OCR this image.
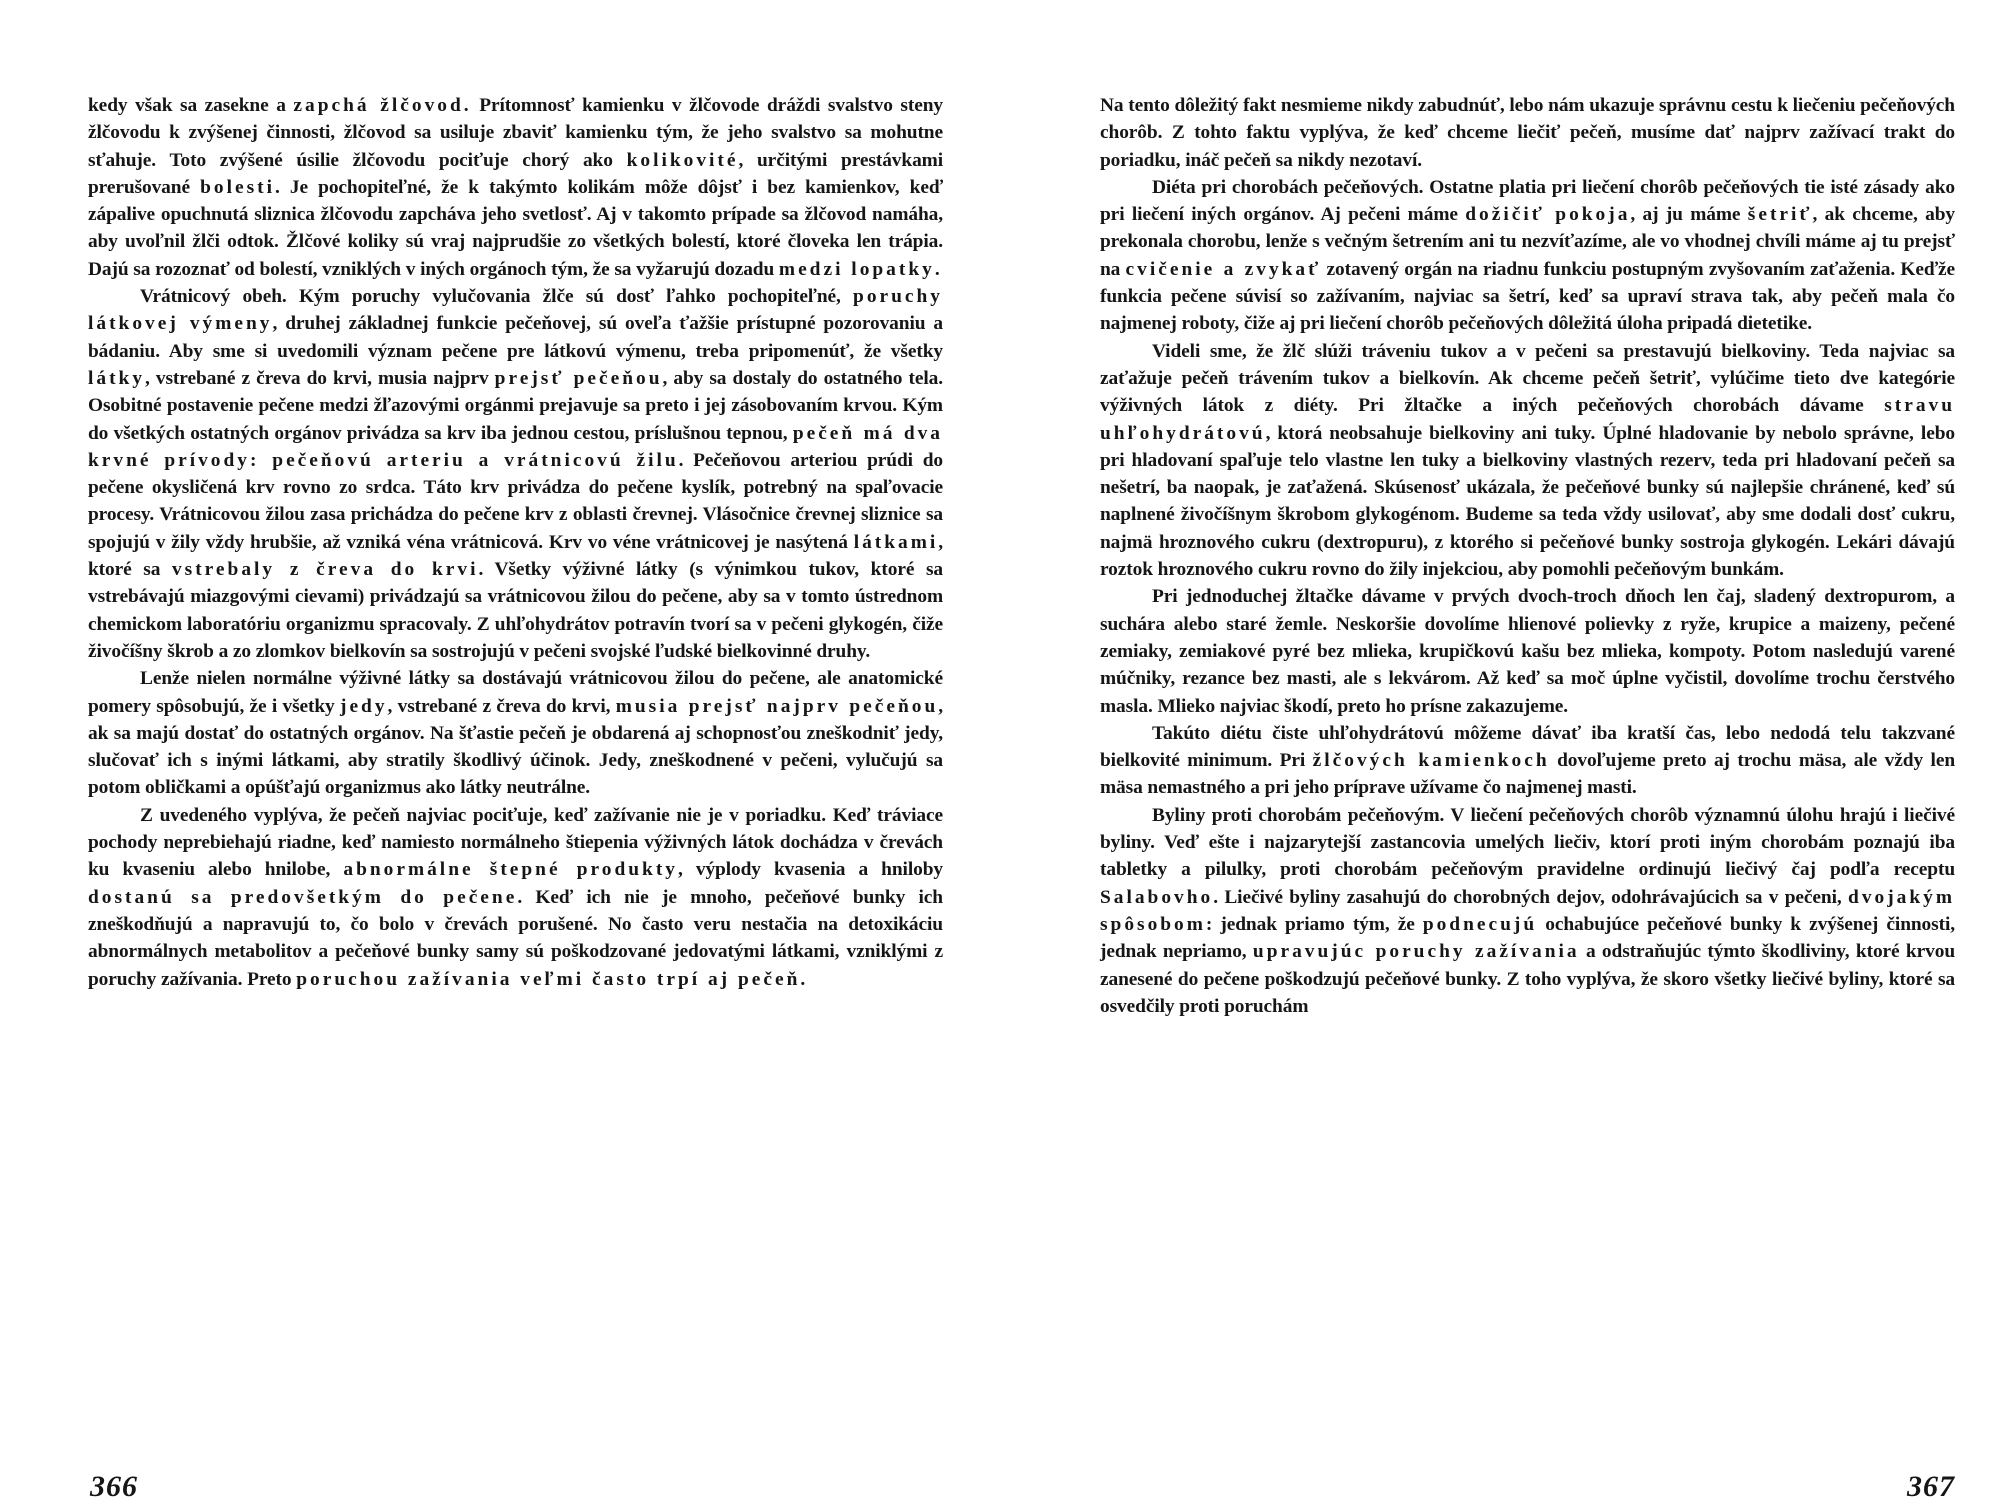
kedy však sa zasekne a zapchá žlčovod. Prítomnosť kamienku v žlčovode dráždi svalstvo steny žlčovodu k zvýšenej činnosti, žlčovod sa usiluje zbaviť kamienku tým, že jeho svalstvo sa mohutne sťahuje. Toto zvýšené úsilie žlčovodu pociťuje chorý ako kolikovité, určitými prestávkami prerušované bolesti. Je pochopiteľné, že k takýmto kolikám môže dôjsť i bez kamienkov, keď zápalive opuchnutá sliznica žlčovodu zapcháva jeho svetlosť. Aj v takomto prípade sa žlčovod namáha, aby uvoľnil žlči odtok. Žlčové koliky sú vraj najprudšie zo všetkých bolestí, ktoré človeka len trápia. Dajú sa rozoznať od bolestí, vzniklých v iných orgánoch tým, že sa vyžarujú dozadu medzi lopatky.

Vrátnicový obeh. Kým poruchy vylučovania žlče sú dosť ľahko pochopiteľné, poruchy látkovej výmeny, druhej základnej funkcie pečeňovej, sú oveľa ťažšie prístupné pozorovaniu a bádaniu. Aby sme si uvedomili význam pečene pre látkovú výmenu, treba pripomenúť, že všetky látky, vstrebané z čreva do krvi, musia najprv prejsť pečeňou, aby sa dostaly do ostatného tela. Osobitné postavenie pečene medzi žľazovými orgánmi prejavuje sa preto i jej zásobovaním krvou. Kým do všetkých ostatných orgánov privádza sa krv iba jednou cestou, príslušnou tepnou, pečeň má dva krvné prívody: pečeňovú arteriu a vrátnicovú žilu. Pečeňovou arteriou prúdi do pečene okysličená krv rovno zo srdca. Táto krv privádza do pečene kyslík, potrebný na spaľovacie procesy. Vrátnicovou žilou zasa prichádza do pečene krv z oblasti črevnej. Vlásočnice črevnej sliznice sa spojujú v žily vždy hrubšie, až vzniká véna vrátnicová. Krv vo véne vrátnicovej je nasýtená látkami, ktoré sa vstrebaly z čreva do krvi. Všetky výživné látky (s výnimkou tukov, ktoré sa vstrebávajú miazgovými cievami) privádzajú sa vrátnicovou žilou do pečene, aby sa v tomto ústrednom chemickom laboratóriu organizmu spracovaly. Z uhľohydrátov potravín tvorí sa v pečeni glykogén, čiže živočíšny škrob a zo zlomkov bielkovín sa sostrojujú v pečeni svojské ľudské bielkovinné druhy.

Lenže nielen normálne výživné látky sa dostávajú vrátnicovou žilou do pečene, ale anatomické pomery spôsobujú, že i všetky jedy, vstrebané z čreva do krvi, musia prejsť najprv pečeňou, ak sa majú dostať do ostatných orgánov. Na šťastie pečeň je obdarená aj schopnosťou zneškodniť jedy, slučovať ich s inými látkami, aby stratily škodlivý účinok. Jedy, zneškodnené v pečeni, vylučujú sa potom obličkami a opúšťajú organizmus ako látky neutrálne.

Z uvedeného vyplýva, že pečeň najviac pociťuje, keď zažívanie nie je v poriadku. Keď tráviace pochody neprebiehajú riadne, keď namiesto normálneho štiepenia výživných látok dochádza v črevách ku kvaseniu alebo hnilobe, abnormálne štepné produkty, výplody kvasenia a hniloby dostanú sa predovšetkým do pečene. Keď ich nie je mnoho, pečeňové bunky ich zneškodňujú a napravujú to, čo bolo v črevách porušené. No často veru nestačia na detoxikáciu abnormálnych metabolitov a pečeňové bunky samy sú poškodzované jedovatými látkami, vzniklými z poruchy zažívania. Preto poruchou zažívania veľmi často trpí aj pečeň.

366

Na tento dôležitý fakt nesmieme nikdy zabudnúť, lebo nám ukazuje správnu cestu k liečeniu pečeňových chorôb. Z tohto faktu vyplýva, že keď chceme liečiť pečeň, musíme dať najprv zažívací trakt do poriadku, ináč pečeň sa nikdy nezotaví.

Diéta pri chorobách pečeňových. Ostatne platia pri liečení chorôb pečeňových tie isté zásady ako pri liečení iných orgánov. Aj pečeni máme dožičiť pokoja, aj ju máme šetriť, ak chceme, aby prekonala chorobu, lenže s večným šetrením ani tu nezvíťazíme, ale vo vhodnej chvíli máme aj tu prejsť na cvičenie a zvykať zotavený orgán na riadnu funkciu postupným zvyšovaním zaťaženia. Keďže funkcia pečene súvisí so zažívaním, najviac sa šetrí, keď sa upraví strava tak, aby pečeň mala čo najmenej roboty, čiže aj pri liečení chorôb pečeňových dôležitá úloha pripadá dietetike.

Videli sme, že žlč slúži tráveniu tukov a v pečeni sa prestavujú bielkoviny. Teda najviac sa zaťažuje pečeň trávením tukov a bielkovín. Ak chceme pečeň šetriť, vylúčime tieto dve kategórie výživných látok z diéty. Pri žltačke a iných pečeňových chorobách dávame stravu uhľohydrátovú, ktorá neobsahuje bielkoviny ani tuky. Úplné hladovanie by nebolo správne, lebo pri hladovaní spaľuje telo vlastne len tuky a bielkoviny vlastných rezerv, teda pri hladovaní pečeň sa nešetrí, ba naopak, je zaťažená. Skúsenosť ukázala, že pečeňové bunky sú najlepšie chránené, keď sú naplnené živočíšnym škrobom glykogénom. Budeme sa teda vždy usilovať, aby sme dodali dosť cukru, najmä hroznového cukru (dextropuru), z ktorého si pečeňové bunky sostroja glykogén. Lekári dávajú roztok hroznového cukru rovno do žily injekciou, aby pomohli pečeňovým bunkám.

Pri jednoduchej žltačke dávame v prvých dvoch-troch dňoch len čaj, sladený dextropurom, a suchára alebo staré žemle. Neskoršie dovolíme hlienové polievky z ryže, krupice a maizeny, pečené zemiaky, zemiakové pyré bez mlieka, krupičkovú kašu bez mlieka, kompoty. Potom nasledujú varené múčniky, rezance bez masti, ale s lekvárom. Až keď sa moč úplne vyčistil, dovolíme trochu čerstvého masla. Mlieko najviac škodí, preto ho prísne zakazujeme.

Takúto diétu čiste uhľohydrátovú môžeme dávať iba kratší čas, lebo nedodá telu takzvané bielkovité minimum. Pri žlčových kamienkoch dovoľujeme preto aj trochu mäsa, ale vždy len mäsa nemastného a pri jeho príprave užívame čo najmenej masti.

Byliny proti chorobám pečeňovým. V liečení pečeňových chorôb významnú úlohu hrajú i liečivé byliny. Veď ešte i najzarytejší zastancovia umelých liečiv, ktorí proti iným chorobám poznajú iba tabletky a pilulky, proti chorobám pečeňovým pravidelne ordinujú liečivý čaj podľa receptu Salabovho. Liečivé byliny zasahujú do chorobných dejov, odohrávajúcich sa v pečeni, dvojakým spôsobom: jednak priamo tým, že podnecujú ochabujúce pečeňové bunky k zvýšenej činnosti, jednak nepriamo, upravujúc poruchy zažívania a odstraňujúc týmto škodliviny, ktoré krvou zanesené do pečene poškodzujú pečeňové bunky. Z toho vyplýva, že skoro všetky liečivé byliny, ktoré sa osvedčily proti poruchám

367
